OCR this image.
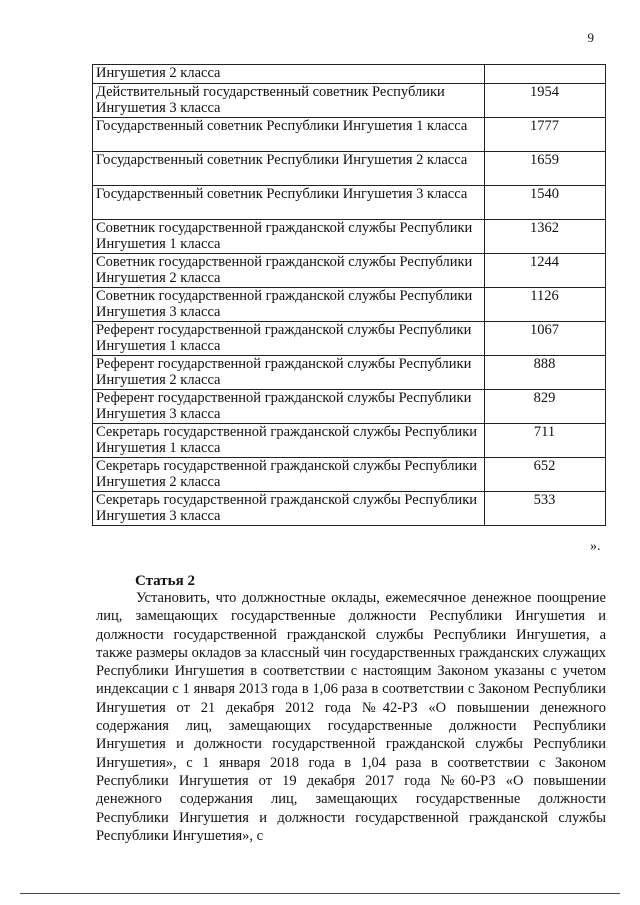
9
Ингушетия 2 класса	
Действительный государственный советник Республики Ингушетия 3 класса	1954
Государственный советник Республики Ингушетия 1 класса	1777
Государственный советник Республики Ингушетия 2 класса	1659
Государственный советник Республики Ингушетия 3 класса	1540
Советник государственной гражданской службы Республики Ингушетия 1 класса	1362
Советник государственной гражданской службы Республики Ингушетия 2 класса	1244
Советник государственной гражданской службы Республики Ингушетия 3 класса	1126
Референт государственной гражданской службы Республики Ингушетия 1 класса	1067
Референт государственной гражданской службы Республики Ингушетия 2 класса	888
Референт государственной гражданской службы Республики Ингушетия 3 класса	829
Секретарь государственной гражданской службы Республики Ингушетия 1 класса	711
Секретарь государственной гражданской службы Республики Ингушетия 2 класса	652
Секретарь государственной гражданской службы Республики Ингушетия 3 класса	533
».
Статья 2
Установить, что должностные оклады, ежемесячное денежное поощрение лиц, замещающих государственные должности Республики Ингушетия и должности государственной гражданской службы Республики Ингушетия, а также размеры окладов за классный чин государственных гражданских служащих Республики Ингушетия в соответствии с настоящим Законом указаны с учетом индексации с 1 января 2013 года в 1,06 раза в соответствии с Законом Республики Ингушетия от 21 декабря 2012 года №42-РЗ «О повышении денежного содержания лиц, замещающих государственные должности Республики Ингушетия и должности государственной гражданской службы Республики Ингушетия», с 1 января 2018 года в 1,04 раза в соответствии с Законом Республики Ингушетия от 19 декабря 2017 года №60-РЗ «О повышении денежного содержания лиц, замещающих государственные должности Республики Ингушетия и должности государственной гражданской службы Республики Ингушетия», с
